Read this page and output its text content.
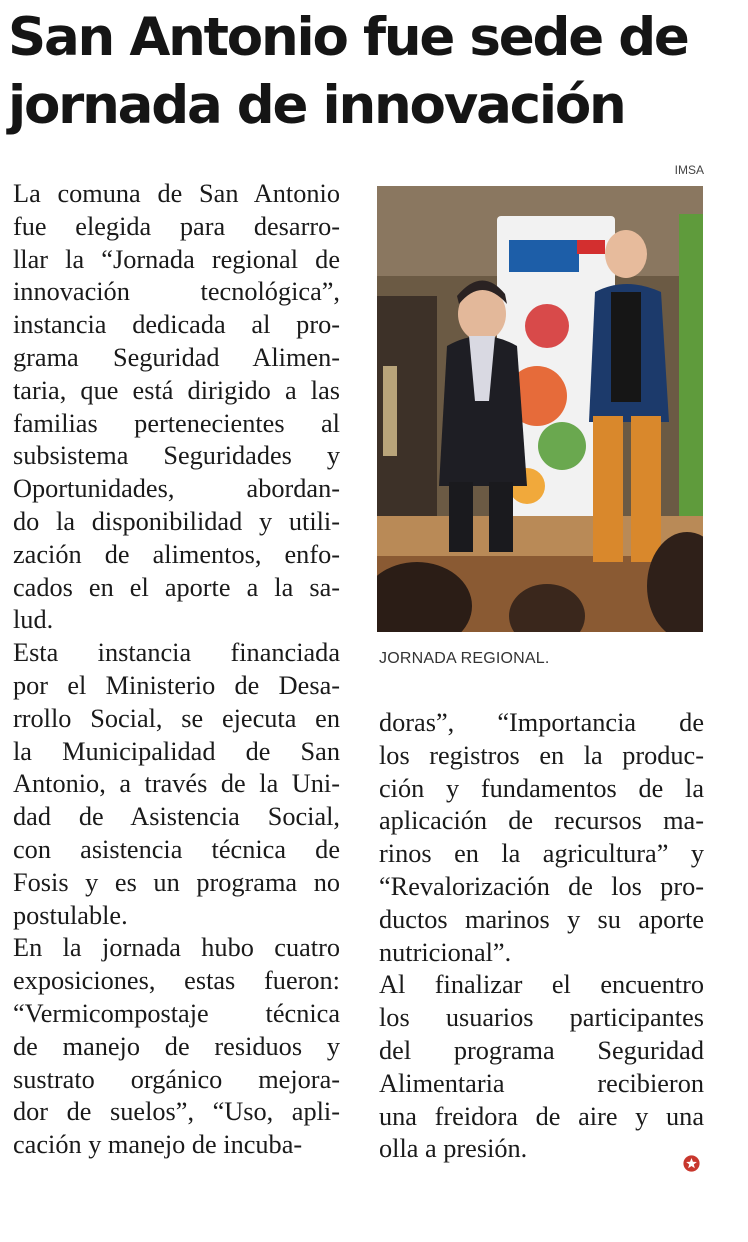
San Antonio fue sede de
jornada de innovación
IMSA
JORNADA REGIONAL.
La comuna de San Antonio
fue elegida para desarro-
llar la “Jornada regional de
innovación tecnológica”,
instancia dedicada al pro-
grama Seguridad Alimen-
taria, que está dirigido a las
familias pertenecientes al
subsistema Seguridades y
Oportunidades, abordan-
do la disponibilidad y utili-
zación de alimentos, enfo-
cados en el aporte a la sa-
lud.
Esta instancia financiada
por el Ministerio de Desa-
rrollo Social, se ejecuta en
la Municipalidad de San
Antonio, a través de la Uni-
dad de Asistencia Social,
con asistencia técnica de
Fosis y es un programa no
postulable.
En la jornada hubo cuatro
exposiciones, estas fueron:
“Vermicompostaje técnica
de manejo de residuos y
sustrato orgánico mejora-
dor de suelos”, “Uso, apli-
cación y manejo de incuba-
doras”, “Importancia de
los registros en la produc-
ción y fundamentos de la
aplicación de recursos ma-
rinos en la agricultura” y
“Revalorización de los pro-
ductos marinos y su aporte
nutricional”.
Al finalizar el encuentro
los usuarios participantes
del programa Seguridad
Alimentaria recibieron
una freidora de aire y una
olla a presión.
